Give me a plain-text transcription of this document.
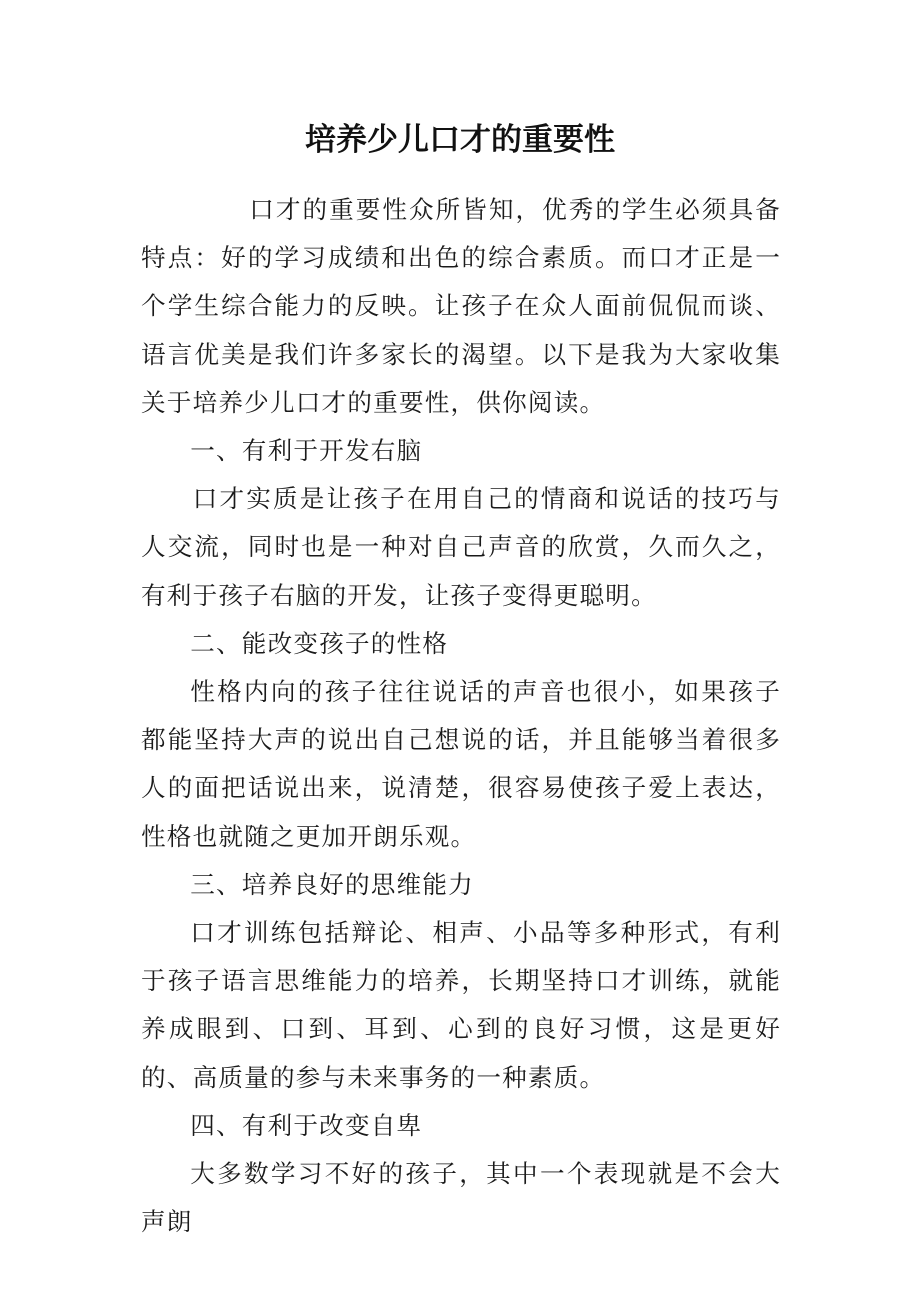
培养少儿口才的重要性

口才的重要性众所皆知，优秀的学生必须具备特点：好的学习成绩和出色的综合素质。而口才正是一个学生综合能力的反映。让孩子在众人面前侃侃而谈、语言优美是我们许多家长的渴望。以下是我为大家收集关于培养少儿口才的重要性，供你阅读。

一、有利于开发右脑

口才实质是让孩子在用自己的情商和说话的技巧与人交流，同时也是一种对自己声音的欣赏，久而久之，有利于孩子右脑的开发，让孩子变得更聪明。

二、能改变孩子的性格

性格内向的孩子往往说话的声音也很小，如果孩子都能坚持大声的说出自己想说的话，并且能够当着很多人的面把话说出来，说清楚，很容易使孩子爱上表达，性格也就随之更加开朗乐观。

三、培养良好的思维能力

口才训练包括辩论、相声、小品等多种形式，有利于孩子语言思维能力的培养，长期坚持口才训练，就能养成眼到、口到、耳到、心到的良好习惯，这是更好的、高质量的参与未来事务的一种素质。

四、有利于改变自卑

大多数学习不好的孩子，其中一个表现就是不会大声朗
